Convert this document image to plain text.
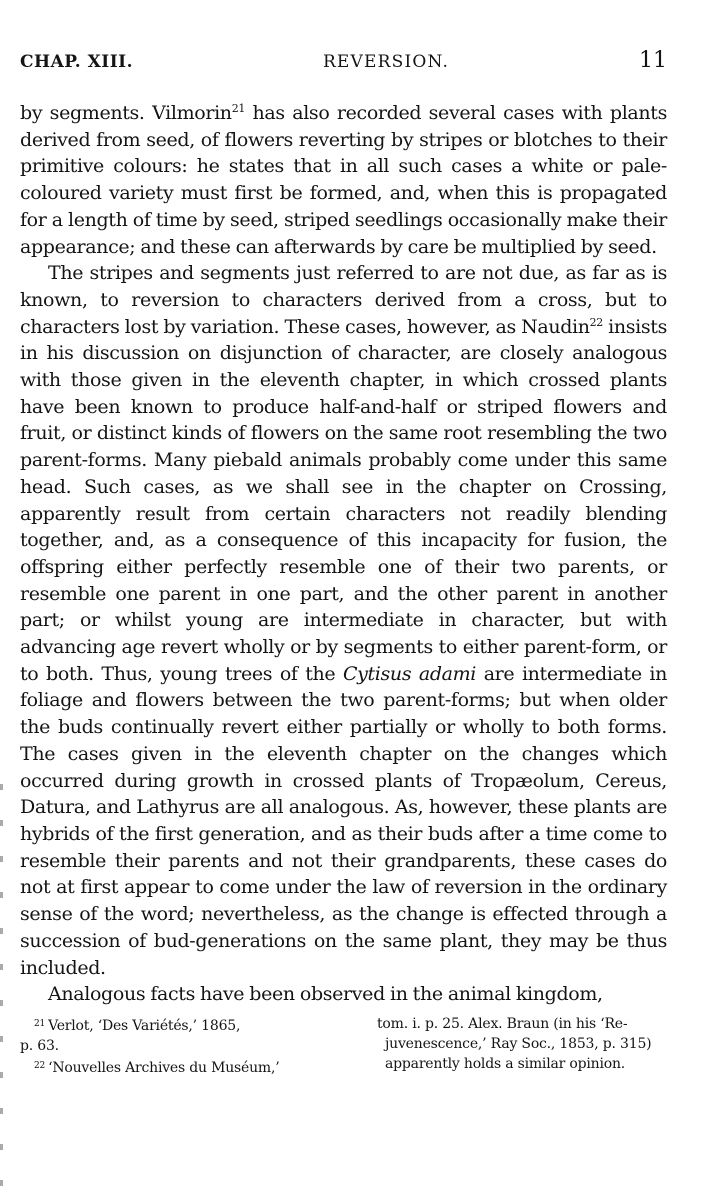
CHAP. XIII.	REVERSION.	11

by segments. Vilmorin$^{21}$ has also recorded several cases with plants derived from seed, of flowers reverting by stripes or blotches to their primitive colours: he states that in all such cases a white or pale-coloured variety must first be formed, and, when this is propagated for a length of time by seed, striped seedlings occasionally make their appearance; and these can afterwards by care be multiplied by seed.

The stripes and segments just referred to are not due, as far as is known, to reversion to characters derived from a cross, but to characters lost by variation. These cases, however, as Naudin$^{22}$ insists in his discussion on disjunction of character, are closely analogous with those given in the eleventh chapter, in which crossed plants have been known to produce half-and-half or striped flowers and fruit, or distinct kinds of flowers on the same root resembling the two parent-forms. Many piebald animals probably come under this same head. Such cases, as we shall see in the chapter on Crossing, apparently result from certain characters not readily blending together, and, as a consequence of this incapacity for fusion, the offspring either perfectly resemble one of their two parents, or resemble one parent in one part, and the other parent in another part; or whilst young are intermediate in character, but with advancing age revert wholly or by segments to either parent-form, or to both. Thus, young trees of the Cytisus adami are intermediate in foliage and flowers between the two parent-forms; but when older the buds continually revert either partially or wholly to both forms. The cases given in the eleventh chapter on the changes which occurred during growth in crossed plants of Tropæolum, Cereus, Datura, and Lathyrus are all analogous. As, however, these plants are hybrids of the first generation, and as their buds after a time come to resemble their parents and not their grandparents, these cases do not at first appear to come under the law of reversion in the ordinary sense of the word; nevertheless, as the change is effected through a succession of bud-generations on the same plant, they may be thus included.

Analogous facts have been observed in the animal kingdom,

$^{21}$ Verlot, ‘Des Variétés,’ 1865,

p. 63.

$^{22}$ ‘Nouvelles Archives du Muséum,’

tom. i. p. 25. Alex. Braun (in his ‘Re-

juvenescence,’ Ray Soc., 1853, p. 315)

apparently holds a similar opinion.
